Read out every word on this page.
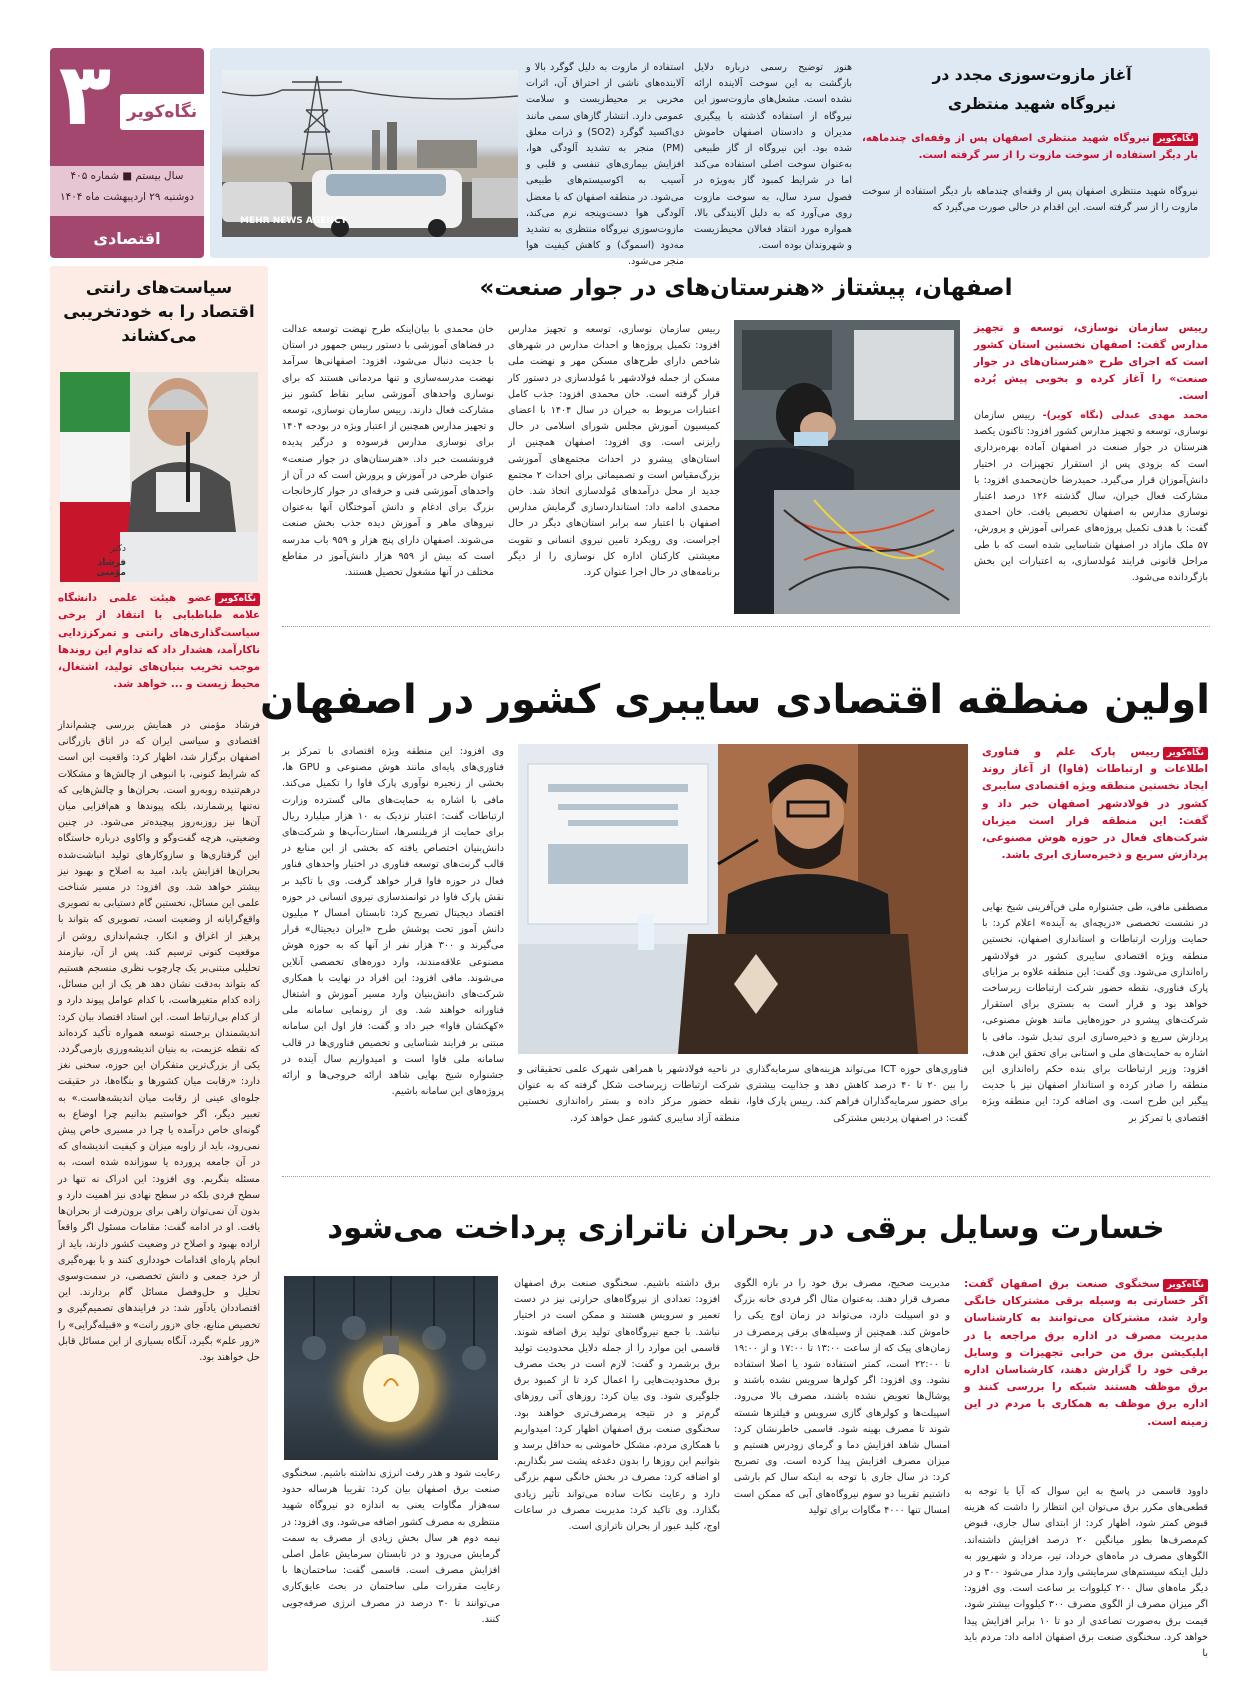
۳ نگاه‌کویر
سال بیستم ■ شماره ۴۰۵
دوشنبه ۲۹ اردیبهشت ماه ۱۴۰۴
اقتصادی
MEHR NEWS AGENCY
استفاده از مازوت به دلیل گوگرد بالا و آلاینده‌های ناشی از احتراق آن، اثرات مخربی بر محیط‌زیست و سلامت عمومی دارد. انتشار گازهای سمی مانند دی‌اکسید گوگرد (SO2) و ذرات معلق (PM) منجر به تشدید آلودگی هوا، افزایش بیماری‌های تنفسی و قلبی و آسیب به اکوسیستم‌های طبیعی می‌شود. در منطقه اصفهان که با معضل آلودگی هوا دست‌وپنجه نرم می‌کند، مازوت‌سوزی نیروگاه منتظری به تشدید مه‌دود (اسموگ) و کاهش کیفیت هوا منجر می‌شود.
هنوز توضیح رسمی درباره دلایل بازگشت به این سوخت آلاینده ارائه نشده است. مشعل‌های مازوت‌سوز این نیروگاه از استفاده گذشته با پیگیری مدیران و دادستان اصفهان خاموش شده بود. این نیروگاه از گاز طبیعی به‌عنوان سوخت اصلی استفاده می‌کند اما در شرایط کمبود گاز به‌ویژه در فصول سرد سال، به سوخت مازوت روی می‌آورد که به دلیل آلایندگی بالا، همواره مورد انتقاد فعالان محیط‌زیست و شهروندان بوده است.
آغاز مازوت‌سوزی مجدد در
نیروگاه شهید منتظری
نگاه‌کویرنیروگاه شهید منتظری اصفهان پس از وقفه‌ای چندماهه، بار دیگر استفاده از سوخت مازوت را از سر گرفته است.
نیروگاه شهید منتظری اصفهان پس از وقفه‌ای چندماهه بار دیگر استفاده از سوخت مازوت را از سر گرفته است. این اقدام در حالی صورت می‌گیرد که
سیاست‌های رانتی اقتصاد را به خودتخریبی می‌کشاند
دکتر
فرشاد مؤمنی
نگاه‌کویرعضو هیئت علمی دانشگاه علامه طباطبایی با انتقاد از برخی سیاست‌گذاری‌های رانتی و تمرکززدایی ناکارآمد، هشدار داد که تداوم این روندها موجب تخریب بنیان‌های تولید، اشتغال، محیط زیست و ... خواهد شد.
فرشاد مؤمنی در همایش بررسی چشم‌انداز اقتصادی و سیاسی ایران که در اتاق بازرگانی اصفهان برگزار شد، اظهار کرد: واقعیت این است که شرایط کنونی، با انبوهی از چالش‌ها و مشکلات درهم‌تنیده روبه‌رو است. بحران‌ها و چالش‌هایی که نه‌تنها پرشمارند، بلکه پیوندها و هم‌افزایی میان آن‌ها نیز روزبه‌روز پیچیده‌تر می‌شود. در چنین وضعیتی، هرچه گفت‌وگو و واکاوی درباره خاستگاه این گرفتاری‌ها و سازوکارهای تولید انباشت‌شده بحران‌ها افزایش یابد، امید به اصلاح و بهبود نیز بیشتر خواهد شد. وی افزود: در مسیر شناخت علمی این مسائل، نخستین گام دستیابی به تصویری واقع‌گرایانه از وضعیت است، تصویری که بتواند با پرهیز از اغراق و انکار، چشم‌اندازی روشن از موقعیت کنونی ترسیم کند. پس از آن، نیازمند تحلیلی مبتنی‌بر یک چارچوب نظری منسجم هستیم که بتواند به‌دقت نشان دهد هر یک از این مسائل، زاده کدام متغیرهاست، با کدام عوامل پیوند دارد و از کدام بی‌ارتباط است. این استاد اقتصاد بیان کرد: اندیشمندان برجسته توسعه همواره تأکید کرده‌اند که نقطه عزیمت، به بنیان اندیشه‌ورزی بازمی‌گردد. یکی از بزرگ‌ترین متفکران این حوزه، سخنی نغز دارد: «رقابت میان کشورها و بنگاه‌ها، در حقیقت جلوه‌ای عینی از رقابت میان اندیشه‌هاست.» به تعبیر دیگر، اگر خواستیم بدانیم چرا اوضاع به گونه‌ای خاص درآمده یا چرا در مسیری خاص پیش نمی‌رود، باید از زاویه میزان و کیفیت اندیشه‌ای که در آن جامعه پرورده یا سوزانده شده است، به مسئله بنگریم. وی افزود: این ادراک نه تنها در سطح فردی بلکه در سطح نهادی نیز اهمیت دارد و بدون آن نمی‌توان راهی برای برون‌رفت از بحران‌ها یافت. او در ادامه گفت: مقامات مسئول اگر واقعاً اراده بهبود و اصلاح در وضعیت کشور دارند، باید از انجام پاره‌ای اقدامات خودداری کنند و با بهره‌گیری از خرد جمعی و دانش تخصصی، در سمت‌وسوی تحلیل و حل‌وفصل مسائل گام بردارند. این اقتصاددان یادآور شد: در فرایندهای تصمیم‌گیری و تخصیص منابع، جای «زور رانت» و «قبیله‌گرایی» را «زور علم» بگیرد، آنگاه بسیاری از این مسائل قابل حل خواهند بود.
اصفهان، پیشتاز «هنرستان‌های در جوار صنعت»
خان محمدی با بیان‌اینکه طرح نهضت توسعه عدالت در فضاهای آموزشی با دستور رییس جمهور در استان با جدیت دنبال می‌شود، افزود: اصفهانی‌ها سرآمد نهضت مدرسه‌سازی و تنها مردمانی هستند که برای نوسازی واحدهای آموزشی سایر نقاط کشور نیز مشارکت فعال دارند. رییس سازمان نوسازی، توسعه و تجهیز مدارس همچنین از اعتبار ویژه در بودجه ۱۴۰۴ برای نوسازی مدارس فرسوده و درگیر پدیده فرونشست خبر داد. «هنرستان‌های در جوار صنعت» عنوان طرحی در آموزش و پرورش است که در آن از واحدهای آموزشی فنی و حرفه‌ای در جوار کارخانجات بزرگ برای ادغام و دانش آموختگان آنها به‌عنوان نیروهای ماهر و آموزش دیده جذب بخش صنعت می‌شوند. اصفهان دارای پنج هزار و ۹۵۹ باب مدرسه است که بیش از ۹۵۹ هزار دانش‌آموز در مقاطع مختلف در آنها مشغول تحصیل هستند.
رییس سازمان نوسازی، توسعه و تجهیز مدارس افزود: تکمیل پروژه‌ها و احداث مدارس در شهرهای شاخص دارای طرح‌های مسکن مهر و نهضت ملی مسکن از جمله فولادشهر با مُولدسازی در دستور کار قرار گرفته است. خان محمدی افزود: جذب کامل اعتبارات مربوط به خیران در سال ۱۴۰۴ با اعضای کمیسیون آموزش مجلس شورای اسلامی در حال رایزنی است. وی افزود: اصفهان همچنین از استان‌های پیشرو در احداث مجتمع‌های آموزشی بزرگ‌مقیاس است و تصمیماتی برای احداث ۲ مجتمع جدید از محل درآمدهای مُولدسازی اتخاذ شد. خان محمدی ادامه داد: استانداردسازی گرمایش مدارس اصفهان با اعتبار سه برابر استان‌های دیگر در حال اجراست. وی رویکرد تامین نیروی انسانی و تقویت معیشتی کارکنان اداره کل نوسازی را از دیگر برنامه‌های در حال اجرا عنوان کرد.
رییس سازمان نوسازی، توسعه و تجهیز مدارس گفت: اصفهان نخستین استان کشور است که اجرای طرح «هنرستان‌های در جوار صنعت» را آغاز کرده و بخوبی پیش بُرده است.
محمد مهدی عبدلی (نگاه کویر)- رییس سازمان نوسازی، توسعه و تجهیز مدارس کشور افزود: تاکنون یکصد هنرستان در جوار صنعت در اصفهان آماده بهره‌برداری است که بزودی پس از استقرار تجهیزات در اختیار دانش‌آموزان قرار می‌گیرد. حمیدرضا خان‌محمدی افزود: با مشارکت فعال خیران، سال گذشته ۱۲۶ درصد اعتبار نوسازی مدارس به اصفهان تخصیص یافت. خان احمدی گفت: با هدف تکمیل پروژه‌های عمرانی آموزش و پرورش، ۵۷ ملک مازاد در اصفهان شناسایی شده است که با طی مراحل قانونی فرایند مُولدسازی، به اعتبارات این بخش بازگردانده می‌شود.
اولین منطقه اقتصادی سایبری کشور در اصفهان
وی افزود: این منطقه ویژه اقتصادی با تمرکز بر فناوری‌های پایه‌ای مانند هوش مصنوعی و GPU ها، بخشی از زنجیره نوآوری پارک فاوا را تکمیل می‌کند. مافی با اشاره به حمایت‌های مالی گسترده وزارت ارتباطات گفت: اعتبار نزدیک به ۱۰ هزار میلیارد ریال برای حمایت از فریلنسرها، استارت‌آپ‌ها و شرکت‌های دانش‌بنیان اختصاص یافته که بخشی از این منابع در قالب گرنت‌های توسعه فناوری در اختیار واحدهای فناور فعال در حوزه فاوا قرار خواهد گرفت. وی با تاکید بر نقش پارک فاوا در توانمندسازی نیروی انسانی در حوزه اقتصاد دیجیتال تصریح کرد: تابستان امسال ۲ میلیون دانش آموز تحت پوشش طرح «ایران دیجیتال» قرار می‌گیرند و ۳۰۰ هزار نفر از آنها که به حوزه هوش مصنوعی علاقه‌مندند، وارد دوره‌های تخصصی آنلاین می‌شوند. مافی افزود: این افراد در نهایت با همکاری شرکت‌های دانش‌بنیان وارد مسیر آموزش و اشتغال فناورانه خواهند شد. وی از رونمایی سامانه ملی «کهکشان فاوا» خبر داد و گفت: فاز اول این سامانه مبتنی بر فرایند شناسایی و تخصیص فناوری‌ها در قالب سامانه ملی فاوا است و امیدواریم سال آینده در جشنواره شیخ بهایی شاهد ارائه خروجی‌ها و ارائه پروژه‌های این سامانه باشیم.
در ناحیه فولادشهر با همراهی شهرک علمی تحقیقاتی و شرکت ارتباطات زیرساخت شکل گرفته که به عنوان نقطه حضور مرکز داده و بستر راه‌اندازی نخستین منطقه آزاد سایبری کشور عمل خواهد کرد.
فناوری‌های حوزه ICT می‌تواند هزینه‌های سرمایه‌گذاری را بین ۲۰ تا ۴۰ درصد کاهش دهد و جذابیت بیشتری برای حضور سرمایه‌گذاران فراهم کند. رییس پارک فاوا، گفت: در اصفهان پردیس مشترکی
نگاه‌کویررییس پارک علم و فناوری اطلاعات و ارتباطات (فاوا) از آغاز روند ایجاد نخستین منطقه ویژه اقتصادی سایبری کشور در فولادشهر اصفهان خبر داد و گفت: این منطقه قرار است میزبان شرکت‌های فعال در حوزه هوش مصنوعی، پردازش سریع و ذخیره‌سازی ابری باشد.
مصطفی مافی، طی جشنواره ملی فن‌آفرینی شیخ بهایی در نشست تخصصی «دریچه‌ای به آینده» اعلام کرد: با حمایت وزارت ارتباطات و استانداری اصفهان، نخستین منطقه ویژه اقتصادی سایبری کشور در فولادشهر راه‌اندازی می‌شود. وی گفت: این منطقه علاوه بر مزایای پارک فناوری، نقطه حضور شرکت ارتباطات زیرساخت خواهد بود و قرار است به بستری برای استقرار شرکت‌های پیشرو در حوزه‌هایی مانند هوش مصنوعی، پردازش سریع و ذخیره‌سازی ابری تبدیل شود. مافی با اشاره به حمایت‌های ملی و استانی برای تحقق این هدف، افزود: وزیر ارتباطات برای بنده حکم راه‌اندازی این منطقه را صادر کرده و استاندار اصفهان نیز با جدیت پیگیر این طرح است. وی اضافه کرد: این منطقه ویژه اقتصادی با تمرکز بر
خسارت وسایل برقی در بحران ناترازی پرداخت می‌شود
رعایت شود و هدر رفت انرژی نداشته باشیم. سخنگوی صنعت برق اصفهان بیان کرد: تقریبا هرساله حدود سه‌هزار مگاوات یعنی به اندازه دو نیروگاه شهید منتظری به مصرف کشور اضافه می‌شود. وی افزود: در نیمه دوم هر سال بخش زیادی از مصرف به سمت گرمایش می‌رود و در تابستان سرمایش عامل اصلی افزایش مصرف است. قاسمی گفت: ساختمان‌ها با رعایت مقررات ملی ساختمان در بحث عایق‌کاری می‌توانند تا ۳۰ درصد در مصرف انرژی صرفه‌جویی کنند.
برق داشته باشیم. سخنگوی صنعت برق اصفهان افزود: تعدادی از نیروگاه‌های حرارتی نیز در دست تعمیر و سرویس هستند و ممکن است در اختیار نباشد. با جمع نیروگاه‌های تولید برق اضافه شوند. قاسمی این موارد را از جمله دلایل محدودیت تولید برق برشمرد و گفت: لازم است در بحث مصرف برق محدودیت‌هایی را اعمال کرد تا از کمبود برق جلوگیری شود. وی بیان کرد: روزهای آتی روزهای گرم‌تر و در نتیجه پرمصرف‌تری خواهند بود. سخنگوی صنعت برق اصفهان اظهار کرد: امیدواریم با همکاری مردم، مشکل خاموشی به حداقل برسد و بتوانیم این روزها را بدون دغدغه پشت سر بگذاریم. او اضافه کرد: مصرف در بخش خانگی سهم بزرگی دارد و رعایت نکات ساده می‌تواند تأثیر زیادی بگذارد. وی تاکید کرد: مدیریت مصرف در ساعات اوج، کلید عبور از بحران ناترازی است.
مدیریت صحیح، مصرف برق خود را در بازه الگوی مصرف قرار دهند. به‌عنوان مثال اگر فردی خانه بزرگ و دو اسپیلت دارد، می‌تواند در زمان اوج یکی را خاموش کند. همچنین از وسیله‌های برقی پرمصرف در زمان‌های پیک که از ساعت ۱۳:۰۰ تا ۱۷:۰۰ و از ۱۹:۰۰ تا ۲۲:۰۰ است، کمتر استفاده شود یا اصلا استفاده نشود. وی افزود: اگر کولرها سرویس نشده باشند و پوشال‌ها تعویض نشده باشند، مصرف بالا می‌رود. اسپیلت‌ها و کولرهای گازی سرویس و فیلترها شسته شوند تا مصرف بهینه شود. قاسمی خاطرنشان کرد: امسال شاهد افزایش دما و گرمای زودرس هستیم و میزان مصرف افزایش پیدا کرده است. وی تصریح کرد: در سال جاری با توجه به اینکه سال کم بارشی داشتیم تقریبا دو سوم نیروگاه‌های آبی که ممکن است امسال تنها ۴۰۰۰ مگاوات برای تولید
نگاه‌کویرسخنگوی صنعت برق اصفهان گفت: اگر خسارتی به وسیله برقی مشترکان خانگی وارد شد، مشترکان می‌توانند به کارشناسان مدیریت مصرف در اداره برق مراجعه یا در اپلیکیشن برق من خرابی تجهیزات و وسایل برقی خود را گزارش دهند، کارشناسان اداره برق موظف هستند شبکه را بررسی کنند و اداره برق موظف به همکاری با مردم در این زمینه است.
داوود قاسمی در پاسخ به این سوال که آیا با توجه به قطعی‌های مکرر برق می‌توان این انتظار را داشت که هزینه قبوض کمتر شود، اظهار کرد: از ابتدای سال جاری، قبوض کم‌مصرف‌ها بطور میانگین ۲۰ درصد افزایش داشته‌اند. الگوهای مصرف در ماه‌های خرداد، تیر، مرداد و شهریور به دلیل اینکه سیستم‌های سرمایشی وارد مدار می‌شود ۳۰۰ و در دیگر ماه‌های سال ۲۰۰ کیلووات بر ساعت است. وی افزود: اگر میزان مصرف از الگوی مصرف ۳۰۰ کیلووات بیشتر شود، قیمت برق به‌صورت تصاعدی از دو تا ۱۰ برابر افزایش پیدا خواهد کرد. سخنگوی صنعت برق اصفهان ادامه داد: مردم باید با
